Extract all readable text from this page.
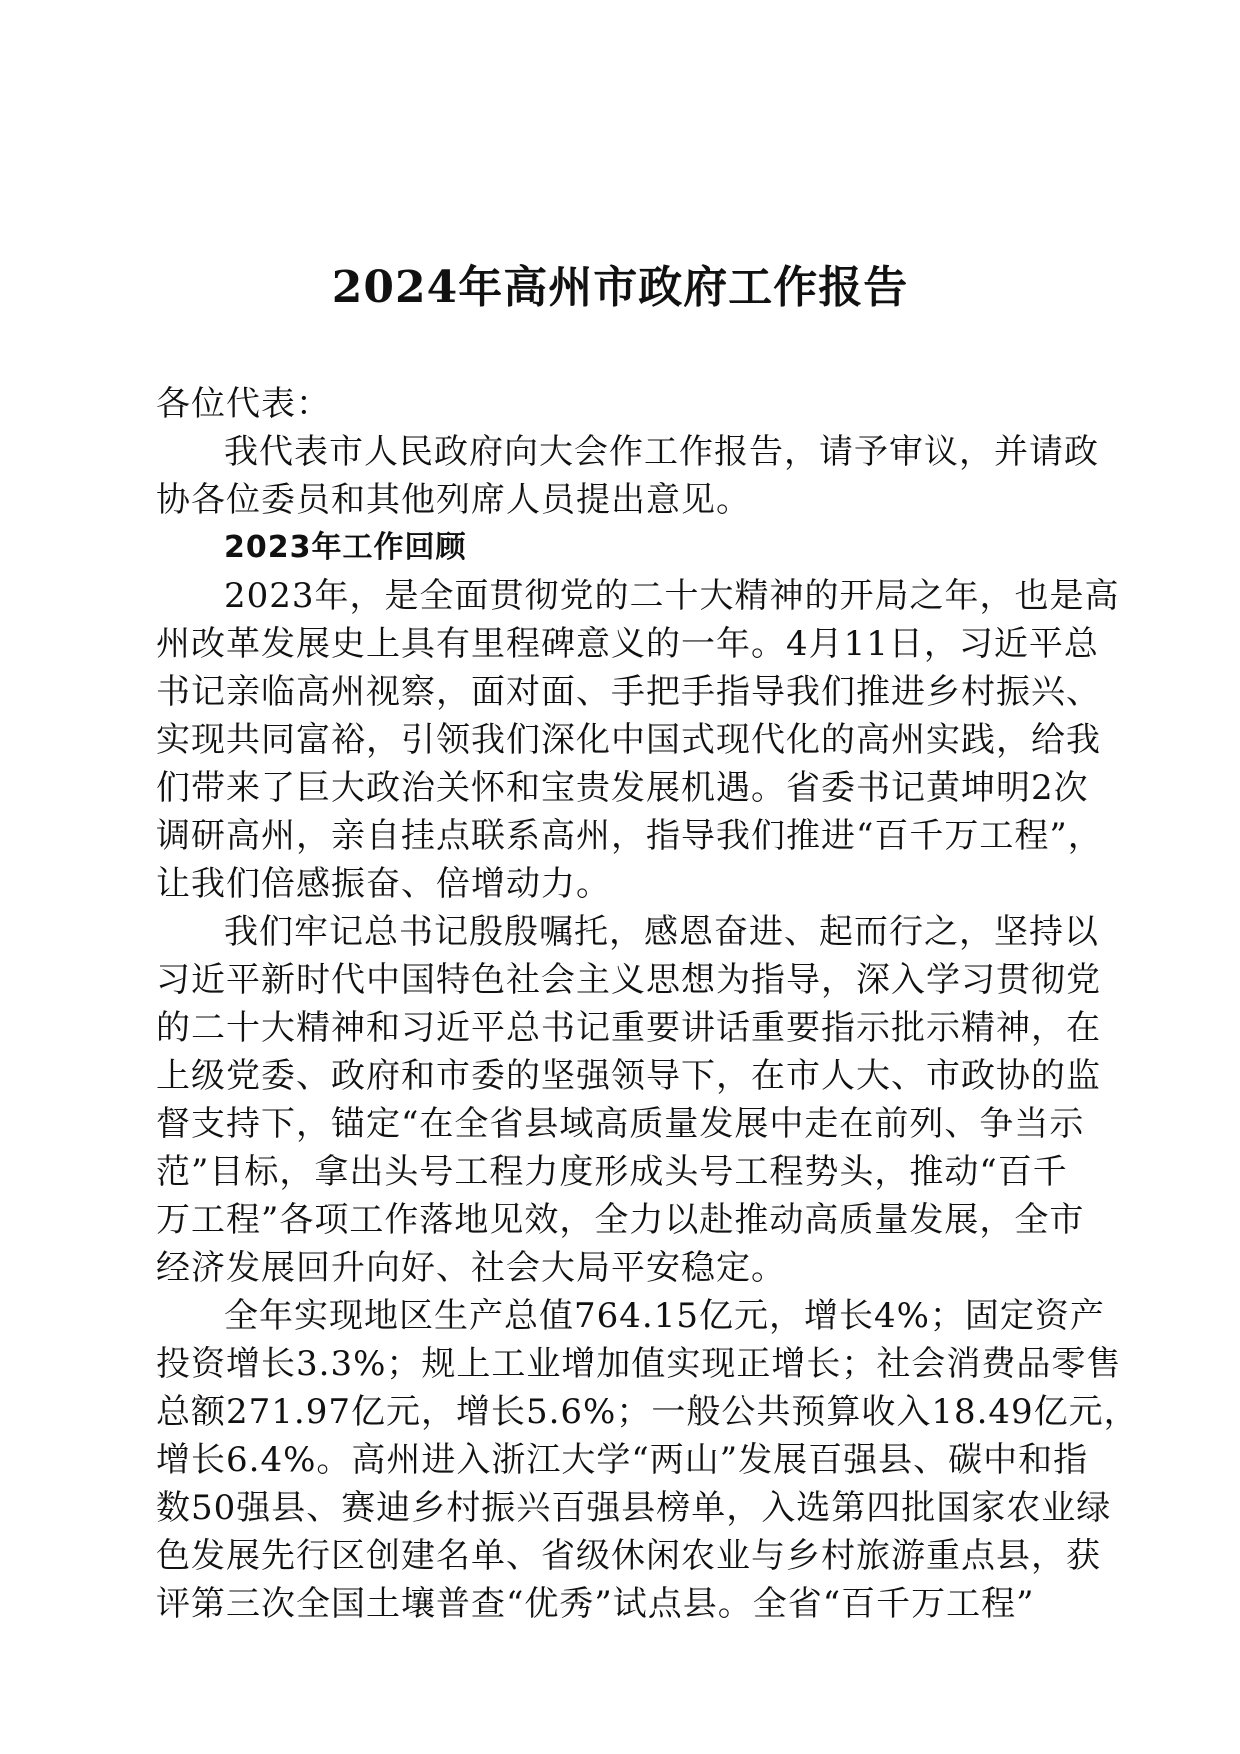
2024年高州市政府工作报告
各位代表：
我代表市人民政府向大会作工作报告，请予审议，并请政
协各位委员和其他列席人员提出意见。
2023年工作回顾
2023年，是全面贯彻党的二十大精神的开局之年，也是高
州改革发展史上具有里程碑意义的一年。4月11日，习近平总
书记亲临高州视察，面对面、手把手指导我们推进乡村振兴、
实现共同富裕，引领我们深化中国式现代化的高州实践，给我
们带来了巨大政治关怀和宝贵发展机遇。省委书记黄坤明2次
调研高州，亲自挂点联系高州，指导我们推进“百千万工程”，
让我们倍感振奋、倍增动力。
我们牢记总书记殷殷嘱托，感恩奋进、起而行之，坚持以
习近平新时代中国特色社会主义思想为指导，深入学习贯彻党
的二十大精神和习近平总书记重要讲话重要指示批示精神，在
上级党委、政府和市委的坚强领导下，在市人大、市政协的监
督支持下，锚定“在全省县域高质量发展中走在前列、争当示
范”目标，拿出头号工程力度形成头号工程势头，推动“百千
万工程”各项工作落地见效，全力以赴推动高质量发展，全市
经济发展回升向好、社会大局平安稳定。
全年实现地区生产总值764.15亿元，增长4%；固定资产
投资增长3.3%；规上工业增加值实现正增长；社会消费品零售
总额271.97亿元，增长5.6%；一般公共预算收入18.49亿元，
增长6.4%。高州进入浙江大学“两山”发展百强县、碳中和指
数50强县、赛迪乡村振兴百强县榜单，入选第四批国家农业绿
色发展先行区创建名单、省级休闲农业与乡村旅游重点县，获
评第三次全国土壤普查“优秀”试点县。全省“百千万工程”
